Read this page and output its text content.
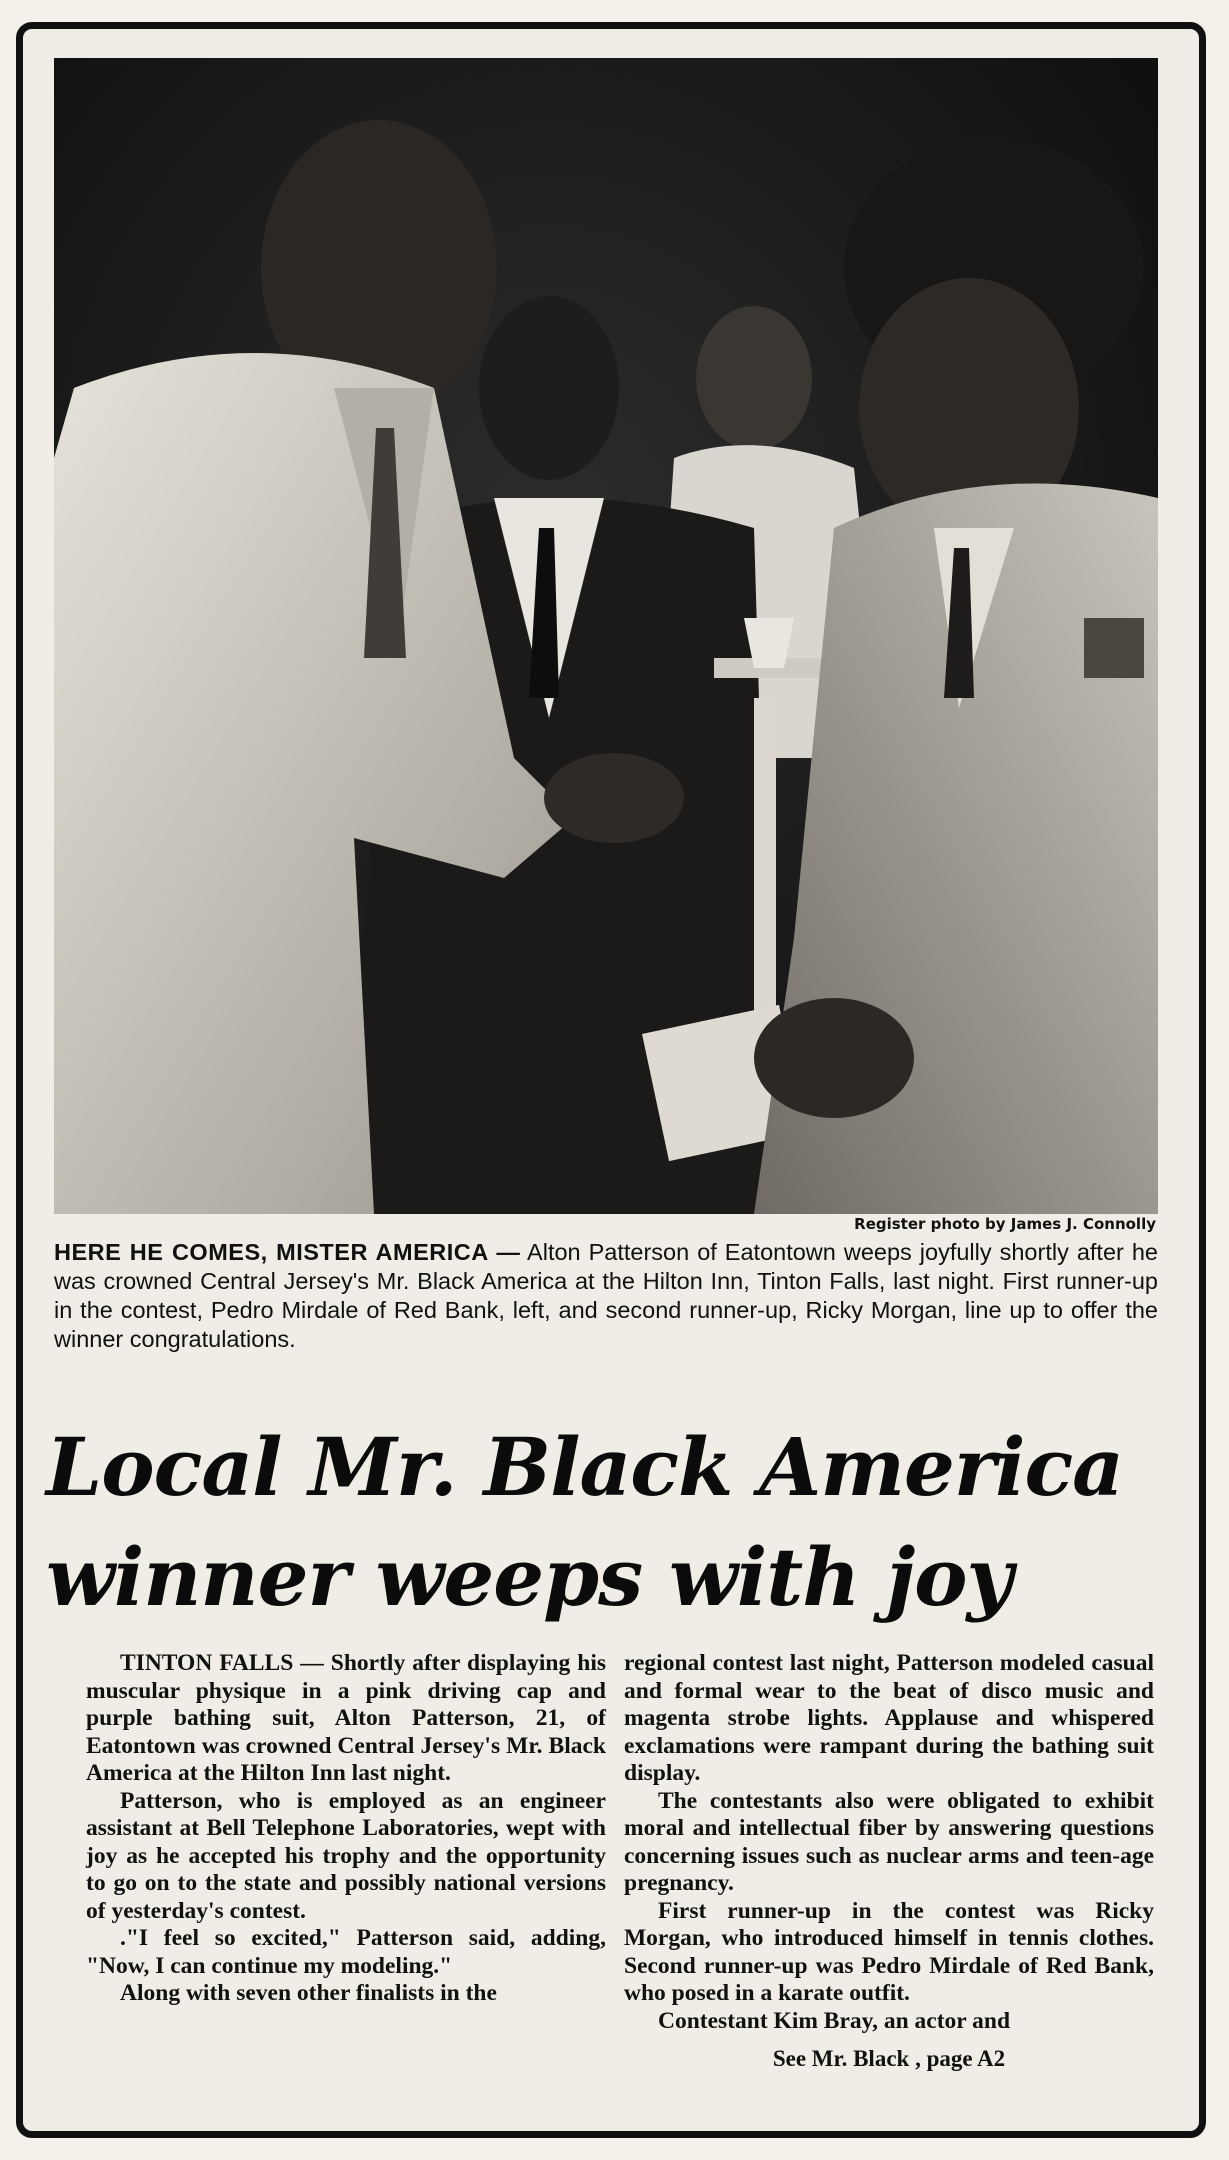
Register photo by James J. Connolly
HERE HE COMES, MISTER AMERICA — Alton Patterson of Eatontown weeps joyfully shortly after he was crowned Central Jersey's Mr. Black America at the Hilton Inn, Tinton Falls, last night. First runner-up in the contest, Pedro Mirdale of Red Bank, left, and second runner-up, Ricky Morgan, line up to offer the winner congratulations.
Local Mr. Black America
winner weeps with joy

TINTON FALLS — Shortly after displaying his muscular physique in a pink driving cap and purple bathing suit, Alton Patterson, 21, of Eatontown was crowned Central Jersey's Mr. Black America at the Hilton Inn last night.

Patterson, who is employed as an engineer assistant at Bell Telephone Laboratories, wept with joy as he accepted his trophy and the opportunity to go on to the state and possibly national versions of yesterday's contest.

."I feel so excited," Patterson said, adding, "Now, I can continue my modeling."

Along with seven other finalists in the

regional contest last night, Patterson modeled casual and formal wear to the beat of disco music and magenta strobe lights. Applause and whispered exclamations were rampant during the bathing suit display.

The contestants also were obligated to exhibit moral and intellectual fiber by answering questions concerning issues such as nuclear arms and teen-age pregnancy.

First runner-up in the contest was Ricky Morgan, who introduced himself in tennis clothes. Second runner-up was Pedro Mirdale of Red Bank, who posed in a karate outfit.

Contestant Kim Bray, an actor and

See Mr. Black , page A2
